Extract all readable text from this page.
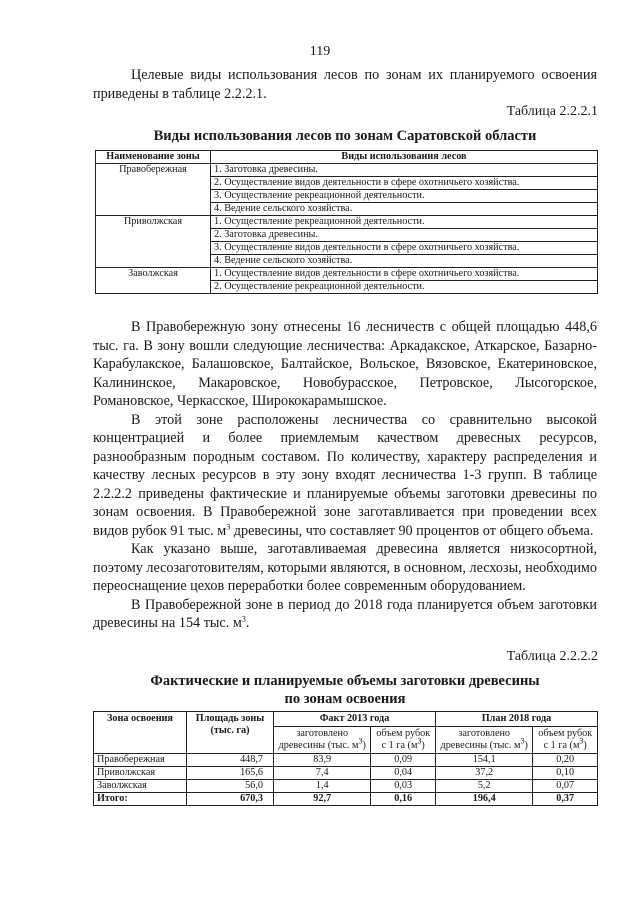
119

Целевые виды использования лесов по зонам их планируемого освоения приведены в таблице 2.2.2.1.

Таблица 2.2.2.1
Виды использования лесов по зонам Саратовской области
Наименование зоны	Виды использования лесов
Правобережная	1. Заготовка древесины.
	2. Осуществление видов деятельности в сфере охотничьего хозяйства.
	3. Осуществление рекреационной деятельности.
	4. Ведение сельского хозяйства.
Приволжская	1. Осуществление рекреационной деятельности.
	2. Заготовка древесины.
	3. Осуществление видов деятельности в сфере охотничьего хозяйства.
	4. Ведение сельского хозяйства.
Заволжская	1. Осуществление видов деятельности в сфере охотничьего хозяйства.
	2. Осуществление рекреационной деятельности.

В Правобережную зону отнесены 16 лесничеств с общей площадью 448,6 тыс. га. В зону вошли следующие лесничества: Аркадакское, Аткарское, Базарно-Карабулакское, Балашовское, Балтайское, Вольское, Вязовское, Екатериновское, Калининское, Макаровское, Новобурасское, Петровское, Лысогорское, Романовское, Черкасское, Ширококарамышское.

В этой зоне расположены лесничества со сравнительно высокой концентрацией и более приемлемым качеством древесных ресурсов, разнообразным породным составом. По количеству, характеру распределения и качеству лесных ресурсов в эту зону входят лесничества 1-3 групп. В таблице 2.2.2.2 приведены фактические и планируемые объемы заготовки древесины по зонам освоения. В Правобережной зоне заготавливается при проведении всех видов рубок 91 тыс. $м^3$ древесины, что составляет 90 процентов от общего объема.

Как указано выше, заготавливаемая древесина является низкосортной, поэтому лесозаготовителям, которыми являются, в основном, лесхозы, необходимо переоснащение цехов переработки более современным оборудованием.

В Правобережной зоне в период до 2018 года планируется объем заготовки древесины на 154 тыс. $м^3$.

Таблица 2.2.2.2
Фактические и планируемые объемы заготовки древесины
по зонам освоения
Зона освоения	Площадь зоны (тыс. га)	Факт 2013 года		План 2018 года	
		заготовлено древесины (тыс. $м^3$)	объем рубок с 1 га $(м^3)$	заготовлено древесины (тыс. $м^3$)	объем рубок с 1 га $(м^3)$
Правобережная	448,7	83,9	0,09	154,1	0,20
Приволжская	165,6	7,4	0,04	37,2	0,10
Заволжская	56,0	1,4	0,03	5,2	0,07
Итого:	670,3	92,7	0,16	196,4	0,37
